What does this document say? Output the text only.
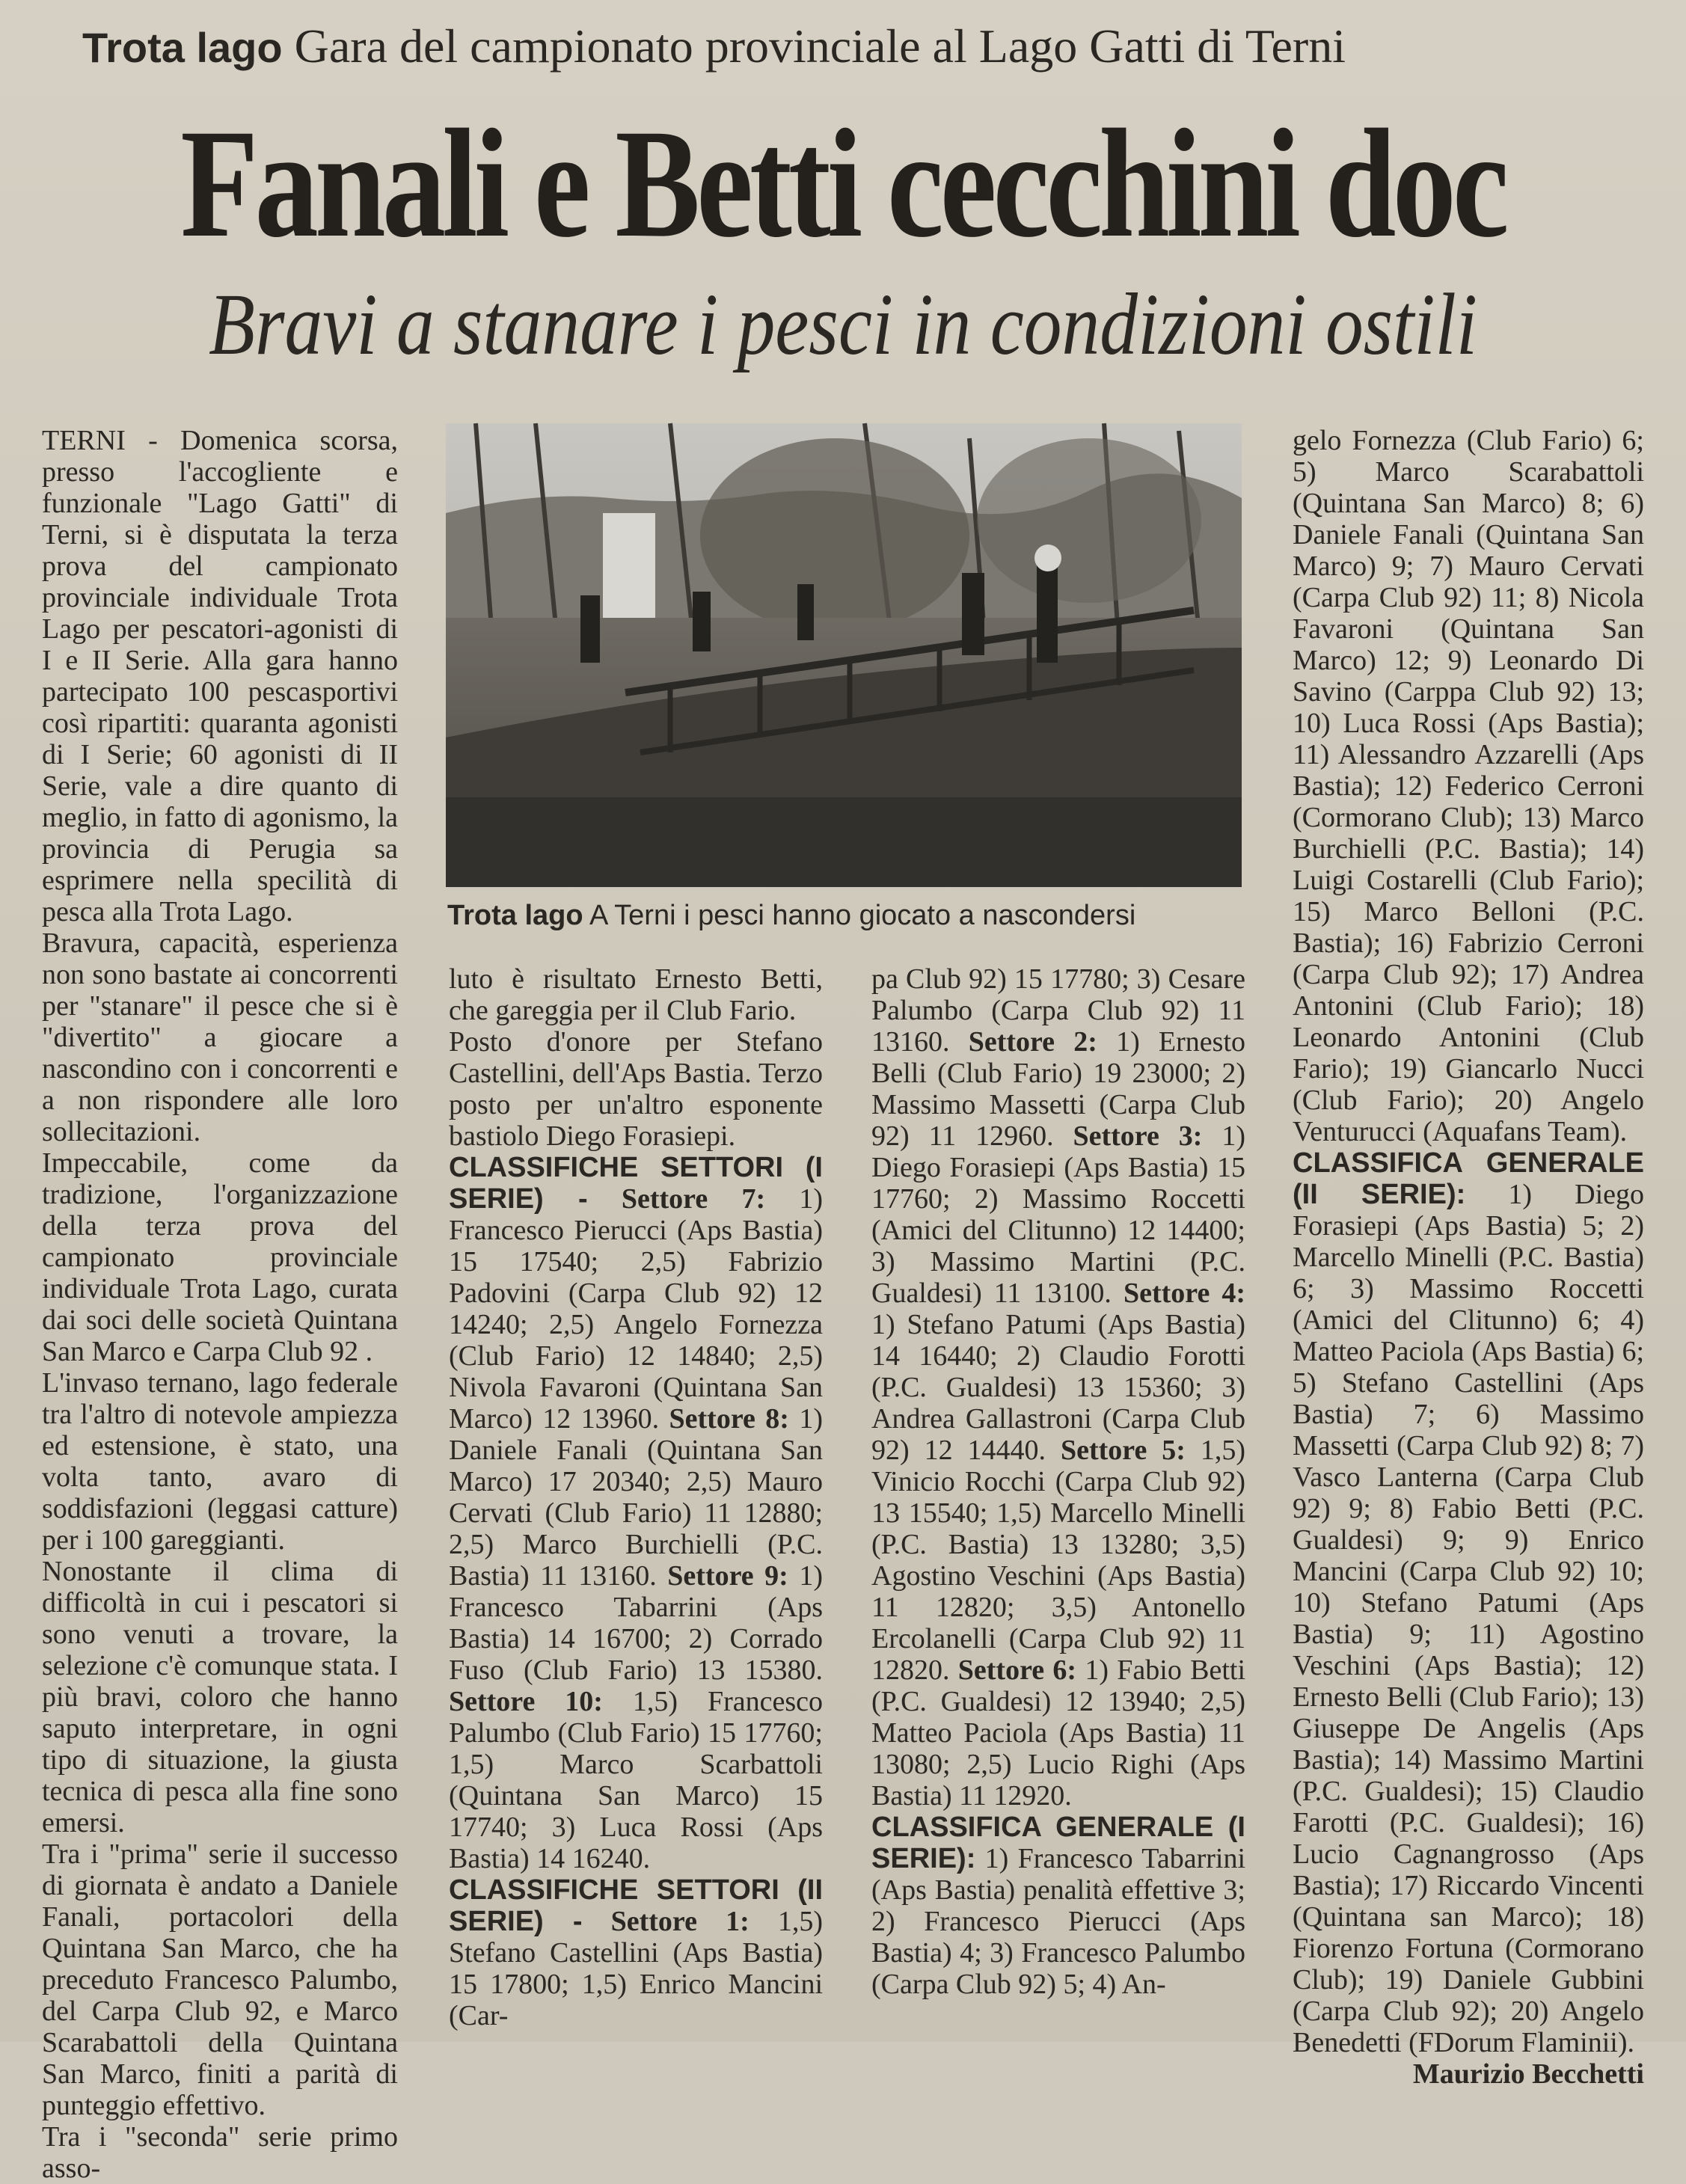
Trota lago Gara del campionato provinciale al Lago Gatti di Terni
Fanali e Betti cecchini doc
Bravi a stanare i pesci in condizioni ostili

TERNI - Domenica scorsa, presso l'accogliente e funzionale "Lago Gatti" di Terni, si è disputata la terza prova del campionato provinciale individuale Trota Lago per pescatori-agonisti di I e II Serie. Alla gara hanno partecipato 100 pescasportivi così ripartiti: quaranta agonisti di I Serie; 60 agonisti di II Serie, vale a dire quanto di meglio, in fatto di agonismo, la provincia di Perugia sa esprimere nella specilità di pesca alla Trota Lago.

Bravura, capacità, esperienza non sono bastate ai concorrenti per "stanare" il pesce che si è "divertito" a giocare a nascondino con i concorrenti e a non rispondere alle loro sollecitazioni.

Impeccabile, come da tradizione, l'organizzazione della terza prova del campionato provinciale individuale Trota Lago, curata dai soci delle società Quintana San Marco e Carpa Club 92 .

L'invaso ternano, lago federale tra l'altro di notevole ampiezza ed estensione, è stato, una volta tanto, avaro di soddisfazioni (leggasi catture) per i 100 gareggianti.

Nonostante il clima di difficoltà in cui i pescatori si sono venuti a trovare, la selezione c'è comunque stata. I più bravi, coloro che hanno saputo interpretare, in ogni tipo di situazione, la giusta tecnica di pesca alla fine sono emersi.

Tra i "prima" serie il successo di giornata è andato a Daniele Fanali, portacolori della Quintana San Marco, che ha preceduto Francesco Palumbo, del Carpa Club 92, e Marco Scarabattoli della Quintana San Marco, finiti a parità di punteggio effettivo.

Tra i "seconda" serie primo asso-

Trota lago A Terni i pesci hanno giocato a nascondersi

luto è risultato Ernesto Betti, che gareggia per il Club Fario.

Posto d'onore per Stefano Castellini, dell'Aps Bastia. Terzo posto per un'altro esponente bastiolo Diego Forasiepi.

CLASSIFICHE SETTORI (I SERIE) - Settore 7: 1) Francesco Pierucci (Aps Bastia) 15 17540; 2,5) Fabrizio Padovini (Carpa Club 92) 12 14240; 2,5) Angelo Fornezza (Club Fario) 12 14840; 2,5) Nivola Favaroni (Quintana San Marco) 12 13960. Settore 8: 1) Daniele Fanali (Quintana San Marco) 17 20340; 2,5) Mauro Cervati (Club Fario) 11 12880; 2,5) Marco Burchielli (P.C. Bastia) 11 13160. Settore 9: 1) Francesco Tabarrini (Aps Bastia) 14 16700; 2) Corrado Fuso (Club Fario) 13 15380. Settore 10: 1,5) Francesco Palumbo (Club Fario) 15 17760; 1,5) Marco Scarbattoli (Quintana San Marco) 15 17740; 3) Luca Rossi (Aps Bastia) 14 16240.

CLASSIFICHE SETTORI (II SERIE) - Settore 1: 1,5) Stefano Castellini (Aps Bastia) 15 17800; 1,5) Enrico Mancini (Car-

pa Club 92) 15 17780; 3) Cesare Palumbo (Carpa Club 92) 11 13160. Settore 2: 1) Ernesto Belli (Club Fario) 19 23000; 2) Massimo Massetti (Carpa Club 92) 11 12960. Settore 3: 1) Diego Forasiepi (Aps Bastia) 15 17760; 2) Massimo Roccetti (Amici del Clitunno) 12 14400; 3) Massimo Martini (P.C. Gualdesi) 11 13100. Settore 4: 1) Stefano Patumi (Aps Bastia) 14 16440; 2) Claudio Forotti (P.C. Gualdesi) 13 15360; 3) Andrea Gallastroni (Carpa Club 92) 12 14440. Settore 5: 1,5) Vinicio Rocchi (Carpa Club 92) 13 15540; 1,5) Marcello Minelli (P.C. Bastia) 13 13280; 3,5) Agostino Veschini (Aps Bastia) 11 12820; 3,5) Antonello Ercolanelli (Carpa Club 92) 11 12820. Settore 6: 1) Fabio Betti (P.C. Gualdesi) 12 13940; 2,5) Matteo Paciola (Aps Bastia) 11 13080; 2,5) Lucio Righi (Aps Bastia) 11 12920.

CLASSIFICA GENERALE (I SERIE): 1) Francesco Tabarrini (Aps Bastia) penalità effettive 3; 2) Francesco Pierucci (Aps Bastia) 4; 3) Francesco Palumbo (Carpa Club 92) 5; 4) An-

gelo Fornezza (Club Fario) 6; 5) Marco Scarabattoli (Quintana San Marco) 8; 6) Daniele Fanali (Quintana San Marco) 9; 7) Mauro Cervati (Carpa Club 92) 11; 8) Nicola Favaroni (Quintana San Marco) 12; 9) Leonardo Di Savino (Carppa Club 92) 13; 10) Luca Rossi (Aps Bastia); 11) Alessandro Azzarelli (Aps Bastia); 12) Federico Cerroni (Cormorano Club); 13) Marco Burchielli (P.C. Bastia); 14) Luigi Costarelli (Club Fario); 15) Marco Belloni (P.C. Bastia); 16) Fabrizio Cerroni (Carpa Club 92); 17) Andrea Antonini (Club Fario); 18) Leonardo Antonini (Club Fario); 19) Giancarlo Nucci (Club Fario); 20) Angelo Venturucci (Aquafans Team).

CLASSIFICA GENERALE (II SERIE): 1) Diego Forasiepi (Aps Bastia) 5; 2) Marcello Minelli (P.C. Bastia) 6; 3) Massimo Roccetti (Amici del Clitunno) 6; 4) Matteo Paciola (Aps Bastia) 6; 5) Stefano Castellini (Aps Bastia) 7; 6) Massimo Massetti (Carpa Club 92) 8; 7) Vasco Lanterna (Carpa Club 92) 9; 8) Fabio Betti (P.C. Gualdesi) 9; 9) Enrico Mancini (Carpa Club 92) 10; 10) Stefano Patumi (Aps Bastia) 9; 11) Agostino Veschini (Aps Bastia); 12) Ernesto Belli (Club Fario); 13) Giuseppe De Angelis (Aps Bastia); 14) Massimo Martini (P.C. Gualdesi); 15) Claudio Farotti (P.C. Gualdesi); 16) Lucio Cagnangrosso (Aps Bastia); 17) Riccardo Vincenti (Quintana san Marco); 18) Fiorenzo Fortuna (Cormorano Club); 19) Daniele Gubbini (Carpa Club 92); 20) Angelo Benedetti (FDorum Flaminii).

Maurizio Becchetti
